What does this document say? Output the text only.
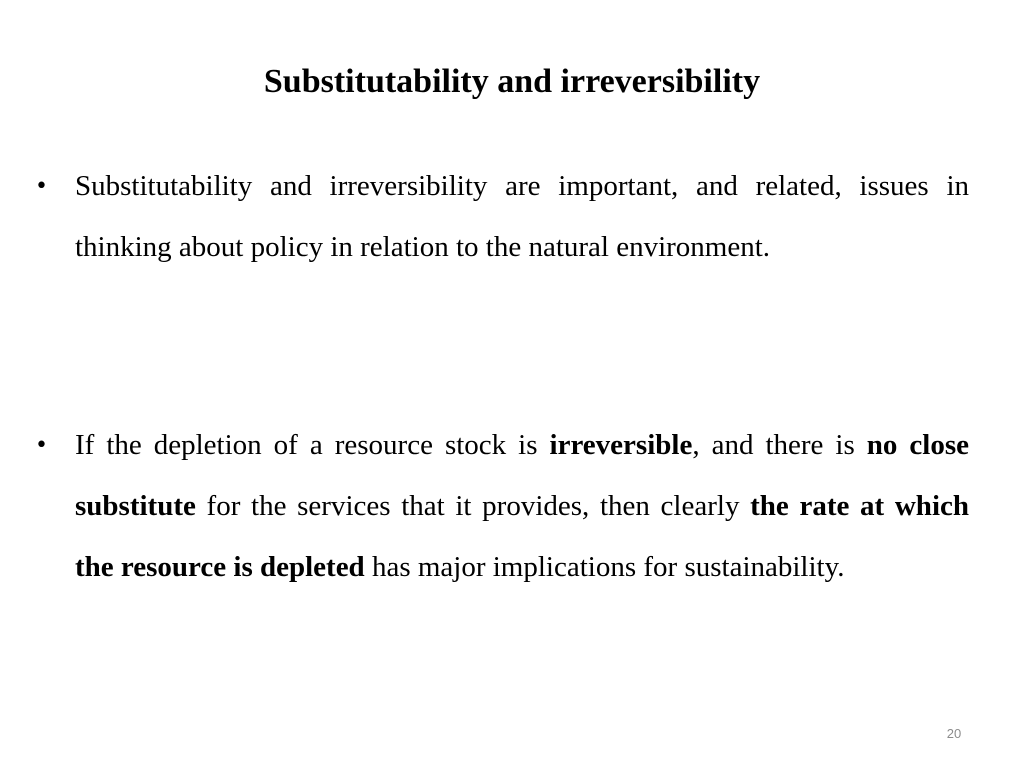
Substitutability and irreversibility
• Substitutability and irreversibility are important, and related, issues in thinking about policy in relation to the natural environment.

• If the depletion of a resource stock is irreversible, and there is no close substitute for the services that it provides, then clearly the rate at which the resource is depleted has major implications for sustainability.

20
